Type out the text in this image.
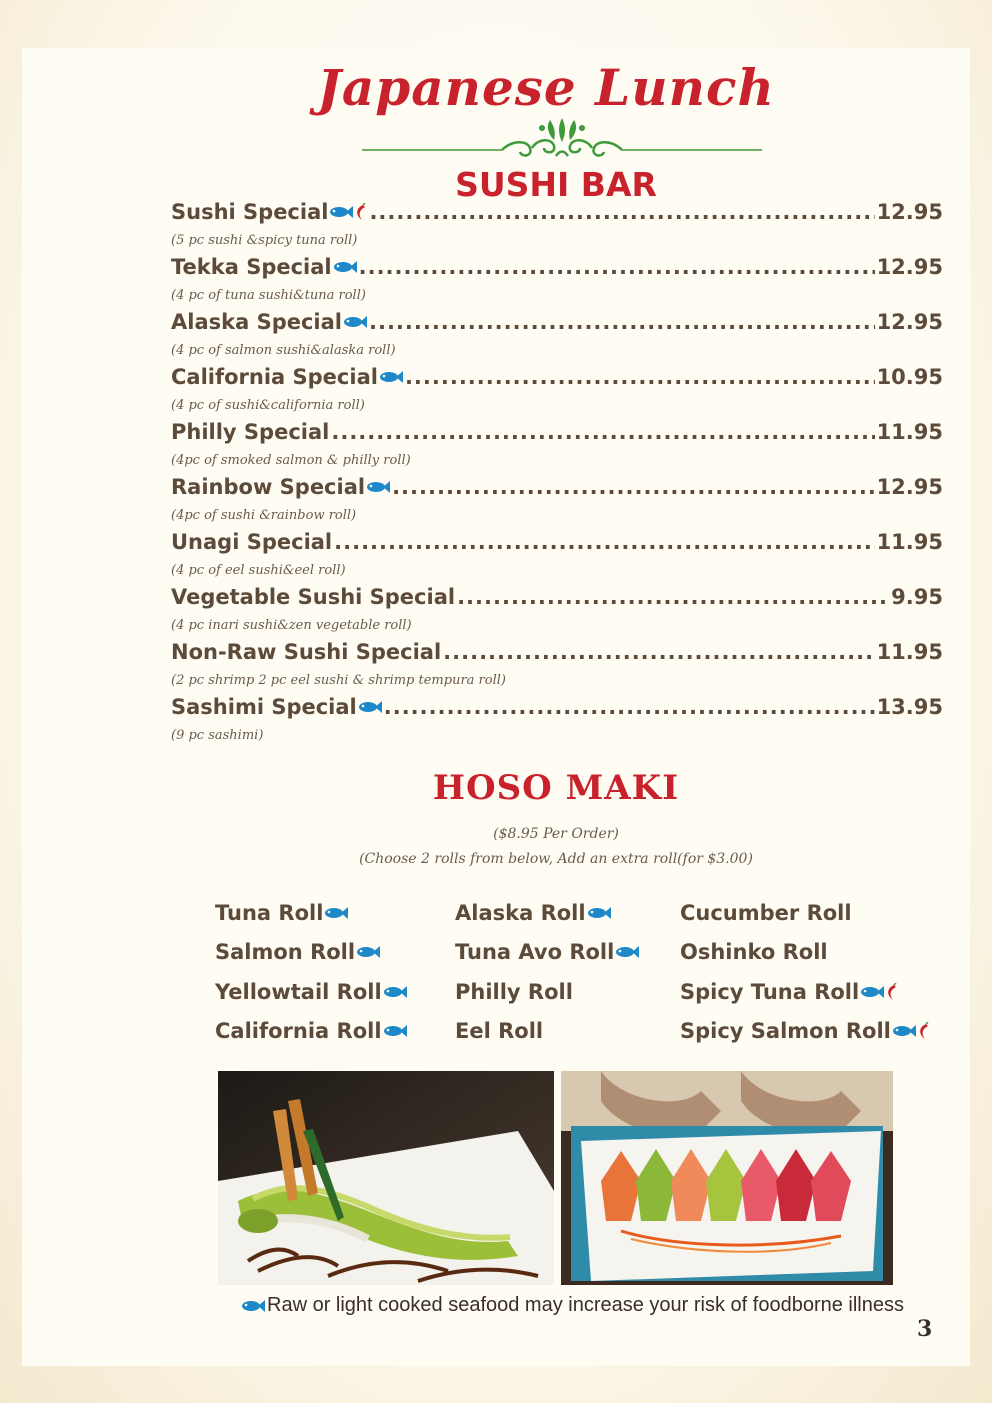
Japanese Lunch
SUSHI BAR
Sushi Special .....	12.95
(5 pc sushi &spicy tuna roll)
Tekka Special .....	12.95
(4 pc of tuna sushi&tuna roll)
Alaska Special .....	12.95
(4 pc of salmon sushi&alaska roll)
California Special .....	10.95
(4 pc of sushi&california roll)
Philly Special .....	11.95
(4pc of smoked salmon & philly roll)
Rainbow Special .....	12.95
(4pc of sushi &rainbow roll)
Unagi Special .....	11.95
(4 pc of eel sushi&eel roll)
Vegetable Sushi Special .....	9.95
(4 pc inari sushi&zen vegetable roll)
Non-Raw Sushi Special .....	11.95
(2 pc shrimp 2 pc eel sushi & shrimp tempura roll)
Sashimi Special .....	13.95
(9 pc sashimi)
HOSO MAKI
($8.95 Per Order)
(Choose 2 rolls from below, Add an extra roll(for $3.00)
Tuna Roll
Salmon Roll
Yellowtail Roll
California Roll
Alaska Roll
Tuna Avo Roll
Philly Roll
Eel Roll
Cucumber Roll
Oshinko Roll
Spicy Tuna Roll
Spicy Salmon Roll
Raw or light cooked seafood may increase your risk of foodborne illness
3
